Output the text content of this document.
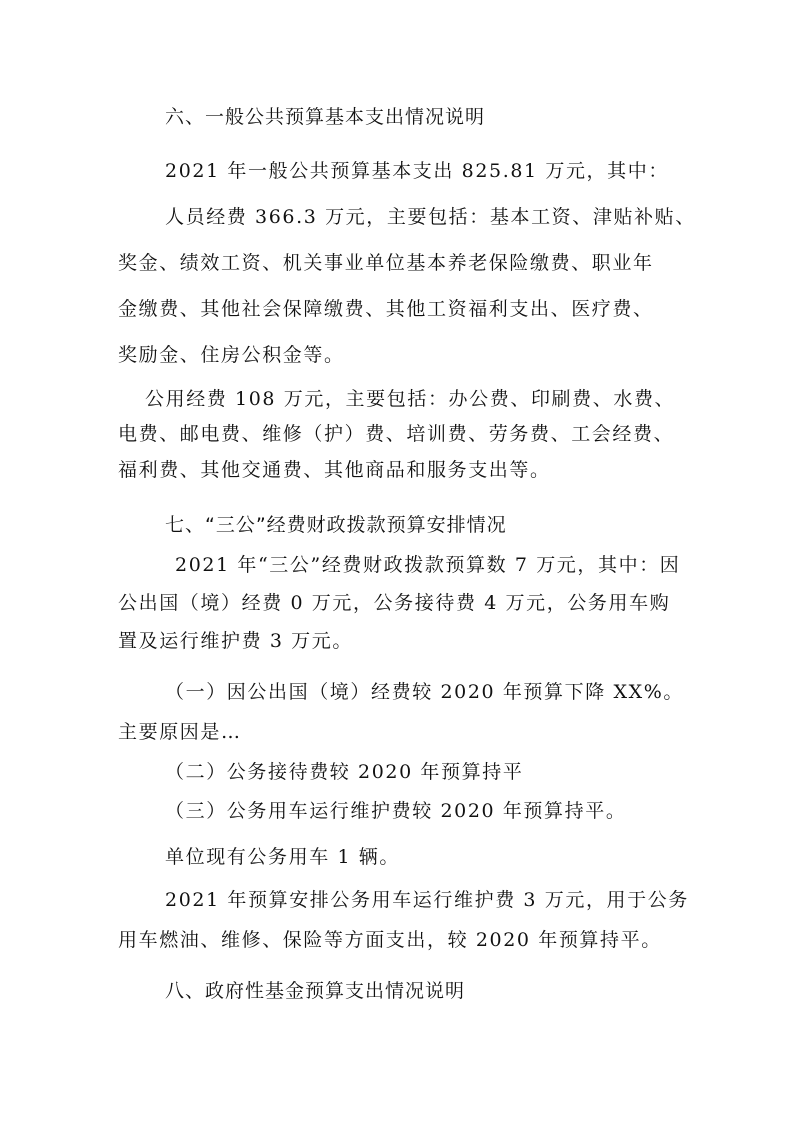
六、一般公共预算基本支出情况说明

2021 年一般公共预算基本支出 825.81 万元，其中：

人员经费 366.3 万元，主要包括：基本工资、津贴补贴、

奖金、绩效工资、机关事业单位基本养老保险缴费、职业年

金缴费、其他社会保障缴费、其他工资福利支出、医疗费、

奖励金、住房公积金等。

公用经费 108 万元，主要包括：办公费、印刷费、水费、

电费、邮电费、维修（护）费、培训费、劳务费、工会经费、

福利费、其他交通费、其他商品和服务支出等。

七、“三公”经费财政拨款预算安排情况

2021 年“三公”经费财政拨款预算数 7 万元，其中：因

公出国（境）经费 0 万元，公务接待费 4 万元，公务用车购

置及运行维护费 3 万元。

（一）因公出国（境）经费较 2020 年预算下降 XX%。

主要原因是…

（二）公务接待费较 2020 年预算持平

（三）公务用车运行维护费较 2020 年预算持平。

单位现有公务用车 1 辆。

2021 年预算安排公务用车运行维护费 3 万元，用于公务

用车燃油、维修、保险等方面支出，较 2020 年预算持平。

八、政府性基金预算支出情况说明
